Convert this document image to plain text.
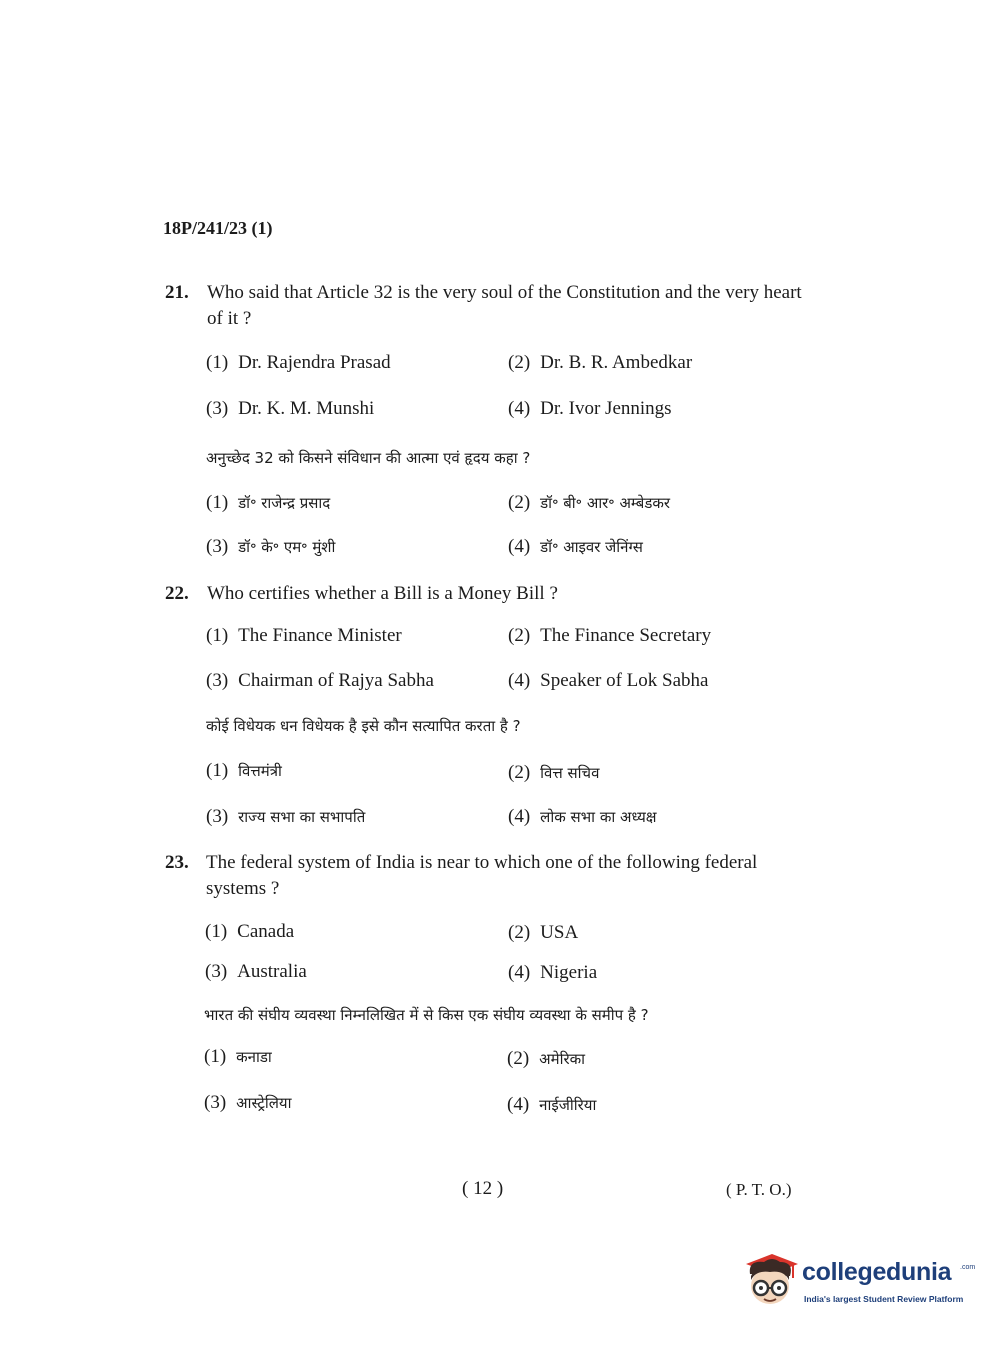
18P/241/23 (1)
21. Who said that Article 32 is the very soul of the Constitution and the very heart of it ?
(1) Dr. Rajendra Prasad	(2) Dr. B. R. Ambedkar
(3) Dr. K. M. Munshi	(4) Dr. Ivor Jennings
अनुच्छेद 32 को किसने संविधान की आत्मा एवं हृदय कहा ?
(1) डॉ॰ राजेन्द्र प्रसाद	(2) डॉ॰ बी॰ आर॰ अम्बेडकर
(3) डॉ॰ के॰ एम॰ मुंशी	(4) डॉ॰ आइवर जेनिंग्स
22. Who certifies whether a Bill is a Money Bill ?
(1) The Finance Minister	(2) The Finance Secretary
(3) Chairman of Rajya Sabha	(4) Speaker of Lok Sabha
कोई विधेयक धन विधेयक है इसे कौन सत्यापित करता है ?
(1) वित्तमंत्री	(2) वित्त सचिव
(3) राज्य सभा का सभापति	(4) लोक सभा का अध्यक्ष
23. The federal system of India is near to which one of the following federal systems ?
(1) Canada	(2) USA
(3) Australia	(4) Nigeria
भारत की संघीय व्यवस्था निम्नलिखित में से किस एक संघीय व्यवस्था के समीप है ?
(1) कनाडा	(2) अमेरिका
(3) आस्ट्रेलिया	(4) नाईजीरिया
( 12 )	( P. T. O.)
collegedunia .com
India's largest Student Review Platform
